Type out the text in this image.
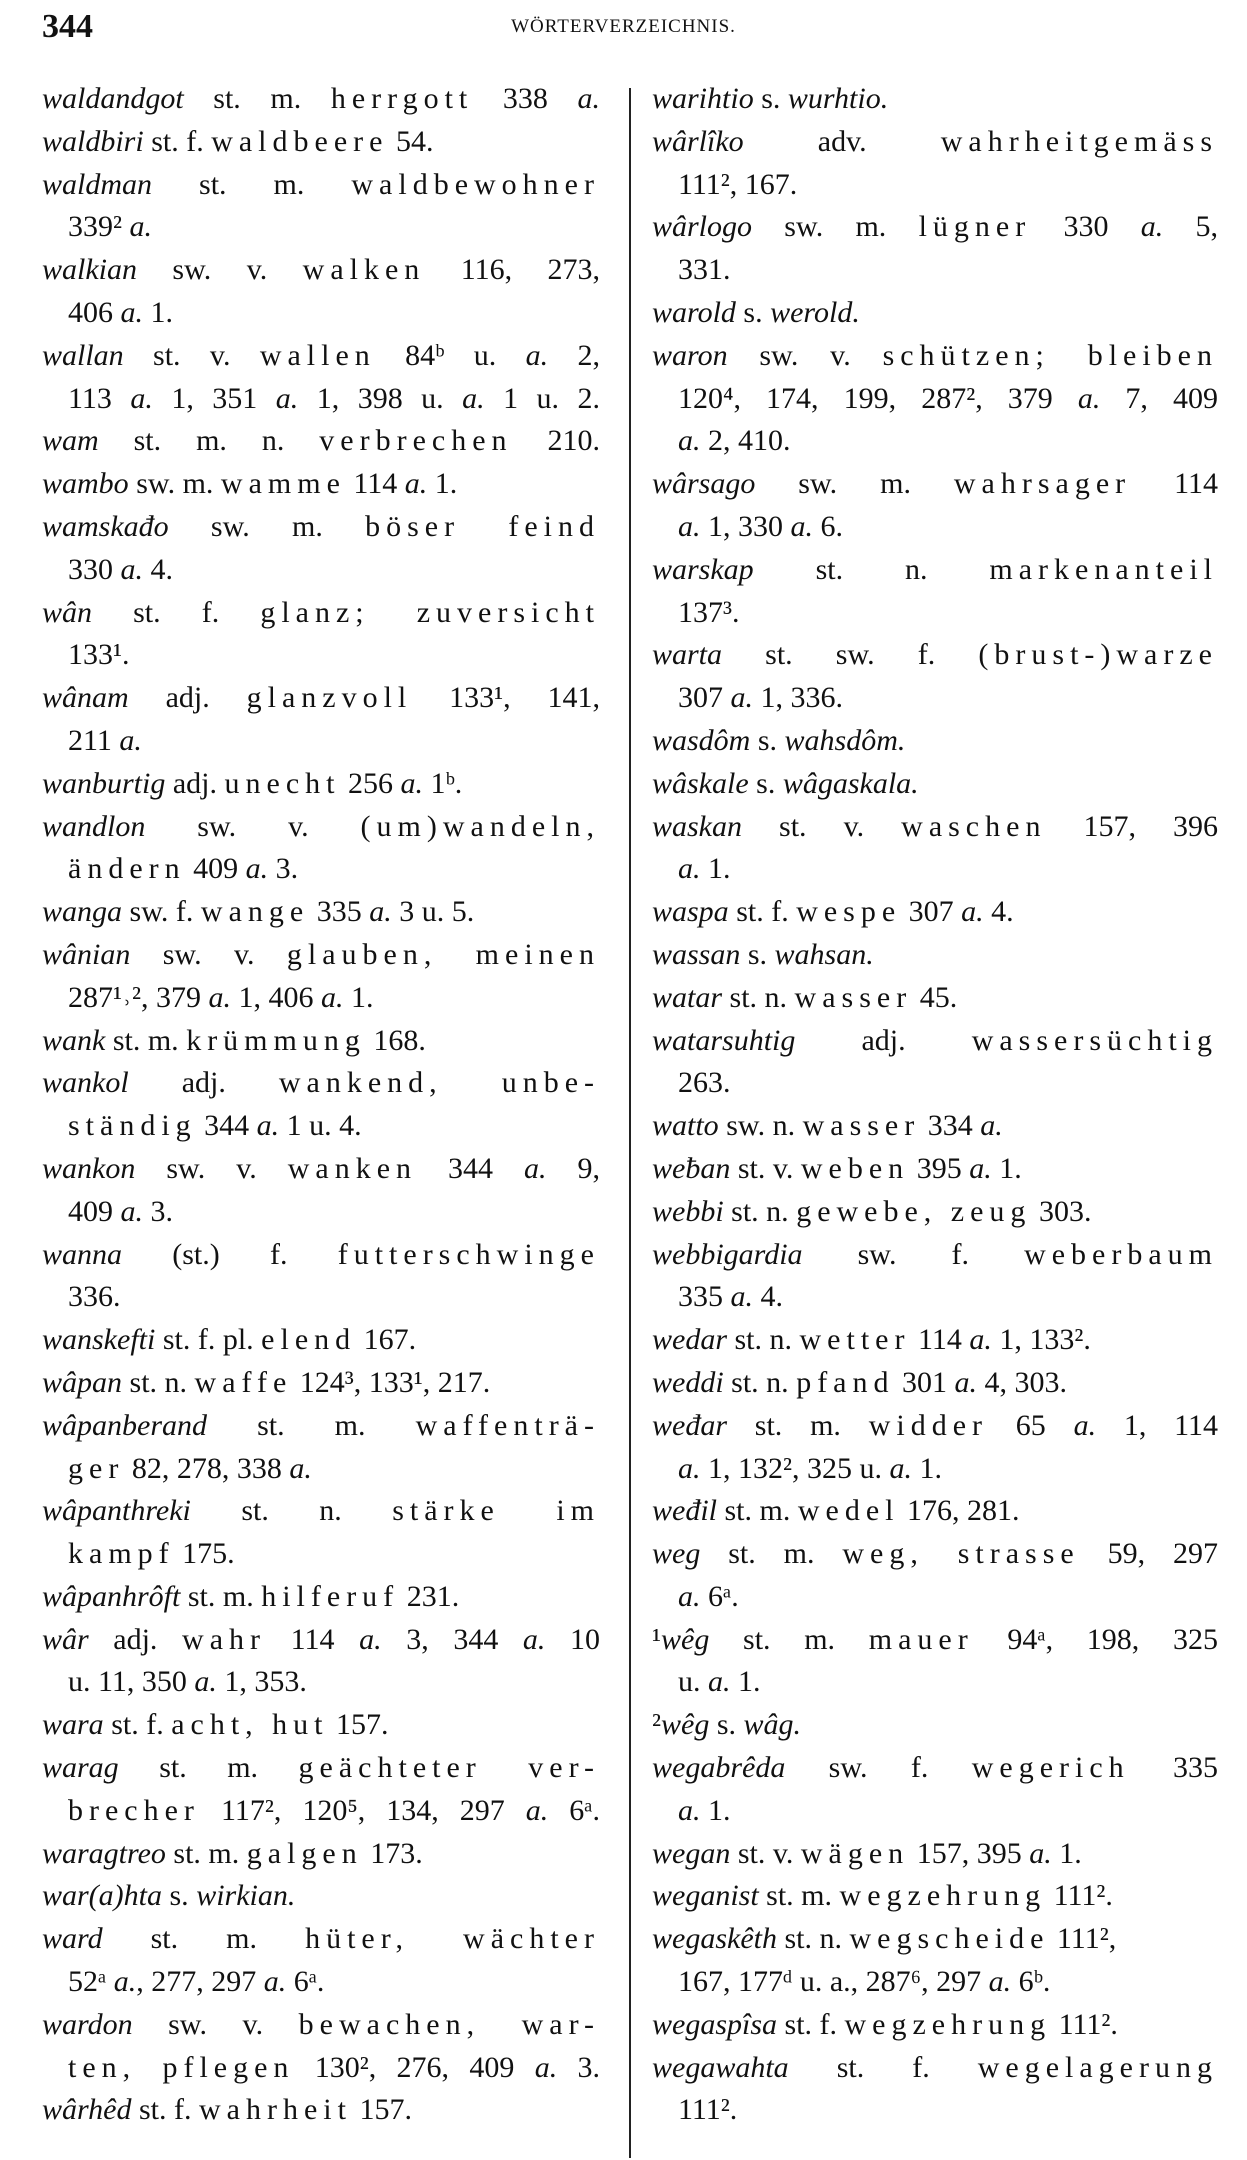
344	WÖRTERVERZEICHNIS.
waldandgot st. m. herrgott 338 a.
waldbiri st. f. waldbeere 54.
waldman st. m. waldbewohner
339² a.
walkian sw. v. walken 116, 273,
406 a. 1.
wallan st. v. wallen 84ᵇ u. a. 2,
113 a. 1, 351 a. 1, 398 u. a. 1 u. 2.
wam st. m. n. verbrechen 210.
wambo sw. m. wamme 114 a. 1.
wamskađo sw. m. böser feind
330 a. 4.
wân st. f. glanz; zuversicht
133¹.
wânam adj. glanzvoll 133¹, 141,
211 a.
wanburtig adj. unecht 256 a. 1ᵇ.
wandlon sw. v. (um)wandeln,
ändern 409 a. 3.
wanga sw. f. wange 335 a. 3 u. 5.
wânian sw. v. glauben, meinen
287¹˒², 379 a. 1, 406 a. 1.
wank st. m. krümmung 168.
wankol adj. wankend, unbe-
ständig 344 a. 1 u. 4.
wankon sw. v. wanken 344 a. 9,
409 a. 3.
wanna (st.) f. futterschwinge
336.
wanskefti st. f. pl. elend 167.
wâpan st. n. waffe 124³, 133¹, 217.
wâpanberand st. m. waffenträ-
ger 82, 278, 338 a.
wâpanthreki st. n. stärke im
kampf 175.
wâpanhrôft st. m. hilferuf 231.
wâr adj. wahr 114 a. 3, 344 a. 10
u. 11, 350 a. 1, 353.
wara st. f. acht, hut 157.
warag st. m. geächteter ver-
brecher 117², 120⁵, 134, 297 a. 6ᵃ.
waragtreo st. m. galgen 173.
war(a)hta s. wirkian.
ward st. m. hüter, wächter
52ᵃ a., 277, 297 a. 6ᵃ.
wardon sw. v. bewachen, war-
ten, pflegen 130², 276, 409 a. 3.
wârhêd st. f. wahrheit 157.
warihtio s. wurhtio.
wârlîko adv. wahrheitgemäss
111², 167.
wârlogo sw. m. lügner 330 a. 5,
331.
warold s. werold.
waron sw. v. schützen; bleiben
120⁴, 174, 199, 287², 379 a. 7, 409
a. 2, 410.
wârsago sw. m. wahrsager 114
a. 1, 330 a. 6.
warskap st. n. markenanteil
137³.
warta st. sw. f. (brust-)warze
307 a. 1, 336.
wasdôm s. wahsdôm.
wâskale s. wâgaskala.
waskan st. v. waschen 157, 396
a. 1.
waspa st. f. wespe 307 a. 4.
wassan s. wahsan.
watar st. n. wasser 45.
watarsuhtig adj. wassersüchtig
263.
watto sw. n. wasser 334 a.
weƀan st. v. weben 395 a. 1.
webbi st. n. gewebe, zeug 303.
webbigardia sw. f. weberbaum
335 a. 4.
wedar st. n. wetter 114 a. 1, 133².
weddi st. n. pfand 301 a. 4, 303.
weđar st. m. widder 65 a. 1, 114
a. 1, 132², 325 u. a. 1.
weđil st. m. wedel 176, 281.
weg st. m. weg, strasse 59, 297
a. 6ᵃ.
¹wêg st. m. mauer 94ᵃ, 198, 325
u. a. 1.
²wêg s. wâg.
wegabrêda sw. f. wegerich 335
a. 1.
wegan st. v. wägen 157, 395 a. 1.
weganist st. m. wegzehrung 111².
wegaskêth st. n. wegscheide 111²,
167, 177ᵈ u. a., 287⁶, 297 a. 6ᵇ.
wegaspîsa st. f. wegzehrung 111².
wegawahta st. f. wegelagerung
111².
